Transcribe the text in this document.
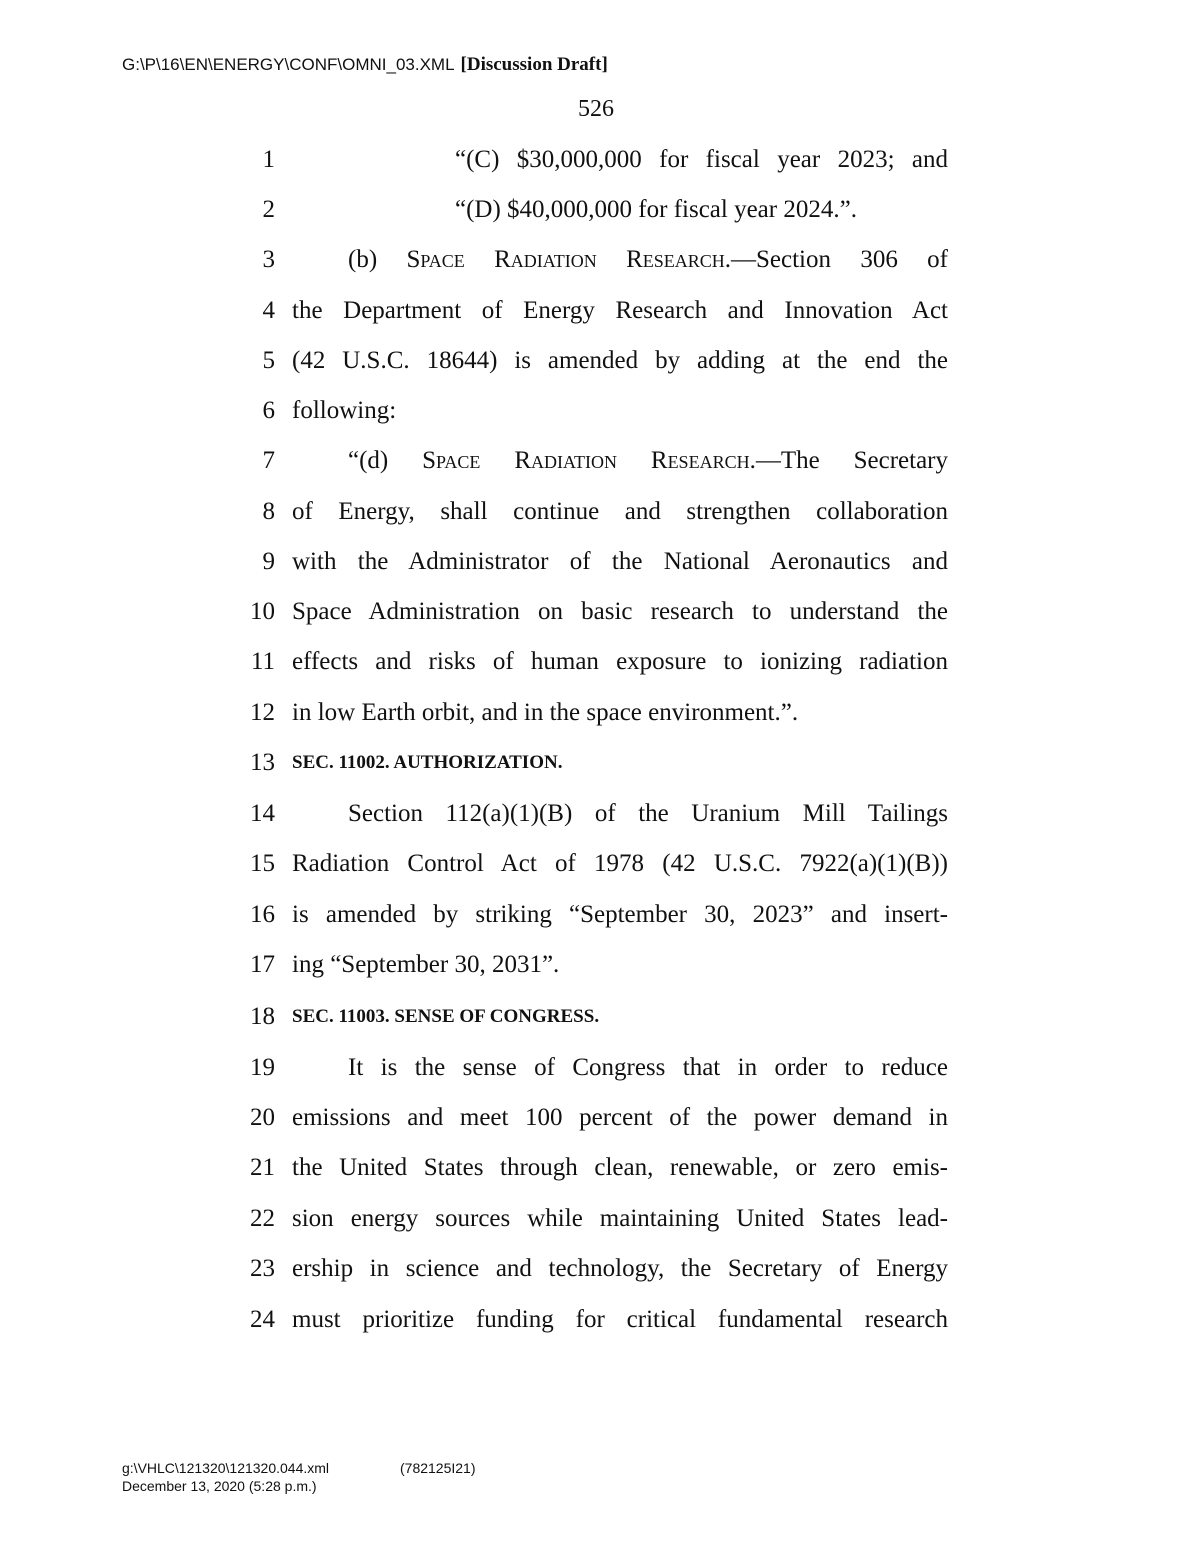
G:\P\16\EN\ENERGY\CONF\OMNI_03.XML [Discussion Draft]
526
1	“(C) $30,000,000 for fiscal year 2023; and
2	“(D) $40,000,000 for fiscal year 2024.”.
3	(b) Space Radiation Research.—Section 306 of
4 the Department of Energy Research and Innovation Act
5 (42 U.S.C. 18644) is amended by adding at the end the
6 following:
7	“(d) Space Radiation Research.—The Secretary
8 of Energy, shall continue and strengthen collaboration
9 with the Administrator of the National Aeronautics and
10 Space Administration on basic research to understand the
11 effects and risks of human exposure to ionizing radiation
12 in low Earth orbit, and in the space environment.”.
13 SEC. 11002. AUTHORIZATION.
14	Section 112(a)(1)(B) of the Uranium Mill Tailings
15 Radiation Control Act of 1978 (42 U.S.C. 7922(a)(1)(B))
16 is amended by striking “September 30, 2023” and insert-
17 ing “September 30, 2031”.
18 SEC. 11003. SENSE OF CONGRESS.
19	It is the sense of Congress that in order to reduce
20 emissions and meet 100 percent of the power demand in
21 the United States through clean, renewable, or zero emis-
22 sion energy sources while maintaining United States lead-
23 ership in science and technology, the Secretary of Energy
24 must prioritize funding for critical fundamental research
g:\VHLC\121320\121320.044.xml	(782125I21)
December 13, 2020 (5:28 p.m.)
